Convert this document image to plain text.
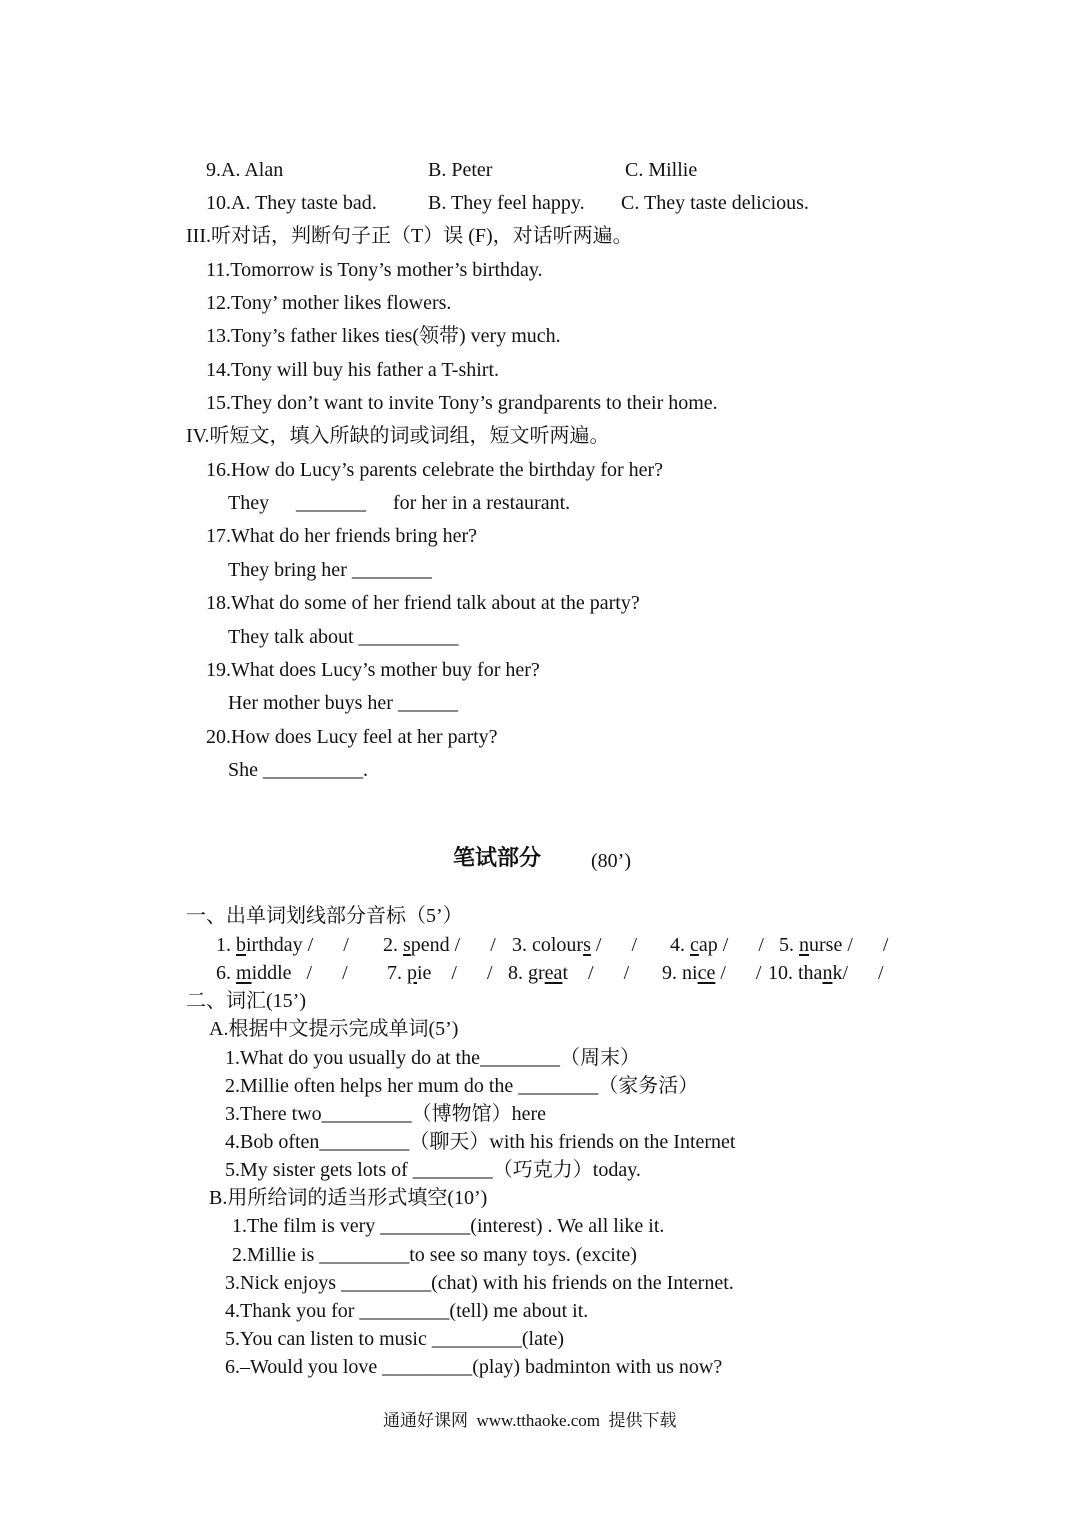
9.A. Alan	B. Peter	C. Millie
10.A. They taste bad.	B. They feel happy. C. They taste delicious.
III.听对话，判断句子正（T）误 (F)，对话听两遍。
11.Tomorrow is Tony’s mother’s birthday.
12.Tony’ mother likes flowers.
13.Tony’s father likes ties(领带) very much.
14.Tony will buy his father a T-shirt.
15.They don’t want to invite Tony’s grandparents to their home.
IV.听短文，填入所缺的词或词组，短文听两遍。
16.How do Lucy’s parents celebrate the birthday for her?
They _______ for her in a restaurant.
17.What do her friends bring her?
They bring her ________
18.What do some of her friend talk about at the party?
They talk about __________
19.What does Lucy’s mother buy for her?
Her mother buys her ______
20.How does Lucy feel at her party?
She __________.
笔试部分 (80’)
一、出单词划线部分音标（5’）
1. birthday /      / 2. spend /      / 3. colours /      / 4. cap /      / 5. nurse /      /
6. middle   /      / 7. pie    /      / 8. great    /      / 9. nice /      / 10. thank/      /
二、词汇(15’)
A.根据中文提示完成单词(5’)
1.What do you usually do at the________（周末）
2.Millie often helps her mum do the ________（家务活）
3.There two_________（博物馆）here
4.Bob often_________（聊天）with his friends on the Internet
5.My sister gets lots of ________（巧克力）today.
B.用所给词的适当形式填空(10’)
1.The film is very _________(interest) . We all like it.
2.Millie is _________to see so many toys. (excite)
3.Nick enjoys _________(chat) with his friends on the Internet.
4.Thank you for _________(tell) me about it.
5.You can listen to music _________(late)
6.–Would you love _________(play) badminton with us now?
通通好课网  www.tthaoke.com  提供下载
